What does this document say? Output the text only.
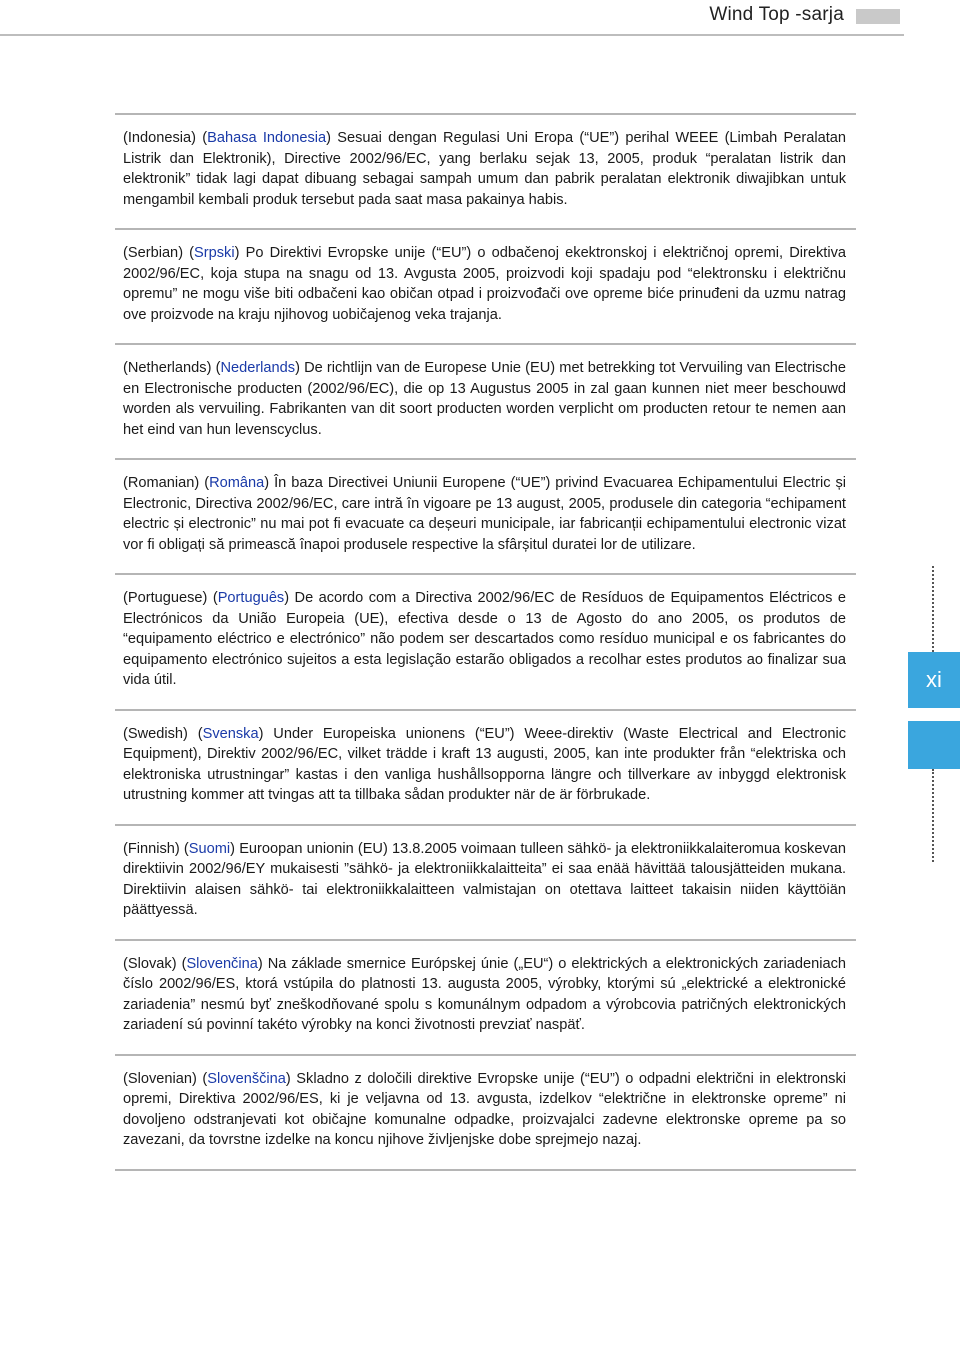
Wind Top -sarja

(Indonesia) (Bahasa Indonesia) Sesuai dengan Regulasi Uni Eropa (“UE”) perihal WEEE (Limbah Peralatan Listrik dan Elektronik), Directive 2002/96/EC, yang berlaku sejak 13, 2005, produk “peralatan listrik dan elektronik” tidak lagi dapat dibuang sebagai sampah umum dan pabrik peralatan elektronik diwajibkan untuk mengambil kembali produk tersebut pada saat masa pakainya habis.

(Serbian) (Srpski) Po Direktivi Evropske unije (“EU”) o odbačenoj ekektronskoj i električnoj opremi, Direktiva 2002/96/EC, koja stupa na snagu od 13. Avgusta 2005, proizvodi koji spadaju pod “elektronsku i električnu opremu” ne mogu više biti odbačeni kao običan otpad i proizvođači ove opreme biće prinuđeni da uzmu natrag ove proizvode na kraju njihovog uobičajenog veka trajanja.

(Netherlands) (Nederlands) De richtlijn van de Europese Unie (EU) met betrekking tot Vervuiling van Electrische en Electronische producten (2002/96/EC), die op 13 Augustus 2005 in zal gaan kunnen niet meer beschouwd worden als vervuiling. Fabrikanten van dit soort producten worden verplicht om producten retour te nemen aan het eind van hun levenscyclus.

(Romanian) (Româna) În baza Directivei Uniunii Europene (“UE”) privind Evacuarea Echipamentului Electric și Electronic, Directiva 2002/96/EC, care intră în vigoare pe 13 august, 2005, produsele din categoria “echipament electric și electronic” nu mai pot fi evacuate ca deșeuri municipale, iar fabricanții echipamentului electronic vizat vor fi obligați să primească înapoi produsele respective la sfârșitul duratei lor de utilizare.

(Portuguese) (Português) De acordo com a Directiva 2002/96/EC de Resíduos de Equipamentos Eléctricos e Electrónicos da União Europeia (UE), efectiva desde o 13 de Agosto do ano 2005, os produtos de “equipamento eléctrico e electrónico” não podem ser descartados como resíduo municipal e os fabricantes do equipamento electrónico sujeitos a esta legislação estarão obligados a recolhar estes produtos ao finalizar sua vida útil.

(Swedish) (Svenska) Under Europeiska unionens (“EU”) Weee-direktiv (Waste Electrical and Electronic Equipment), Direktiv 2002/96/EC, vilket trädde i kraft 13 augusti, 2005, kan inte produkter från “elektriska och elektroniska utrustningar” kastas i den vanliga hushållsopporna längre och tillverkare av inbyggd elektronisk utrustning kommer att tvingas att ta tillbaka sådan produkter när de är förbrukade.

(Finnish) (Suomi) Euroopan unionin (EU) 13.8.2005 voimaan tulleen sähkö- ja elektroniikkalaiteromua koskevan direktiivin 2002/96/EY mukaisesti ”sähkö- ja elektroniikkalaitteita” ei saa enää hävittää talousjätteiden mukana. Direktiivin alaisen sähkö- tai elektroniikkalaitteen valmistajan on otettava laitteet takaisin niiden käyttöiän päättyessä.

(Slovak) (Slovenčina) Na základe smernice Európskej únie („EU“) o elektrických a elektronických zariadeniach číslo 2002/96/ES, ktorá vstúpila do platnosti 13. augusta 2005, výrobky, ktorými sú „elektrické a elektronické zariadenia” nesmú byť zneškodňované spolu s komunálnym odpadom a výrobcovia patričných elektronických zariadení sú povinní takéto výrobky na konci životnosti prevziať naspäť.

(Slovenian) (Slovenščina) Skladno z določili direktive Evropske unije (“EU”) o odpadni električni in elektronski opremi, Direktiva 2002/96/ES, ki je veljavna od 13. avgusta, izdelkov “električne in elektronske opreme” ni dovoljeno odstranjevati kot običajne komunalne odpadke, proizvajalci zadevne elektronske opreme pa so zavezani, da tovrstne izdelke na koncu njihove življenjske dobe sprejmejo nazaj.

xi
